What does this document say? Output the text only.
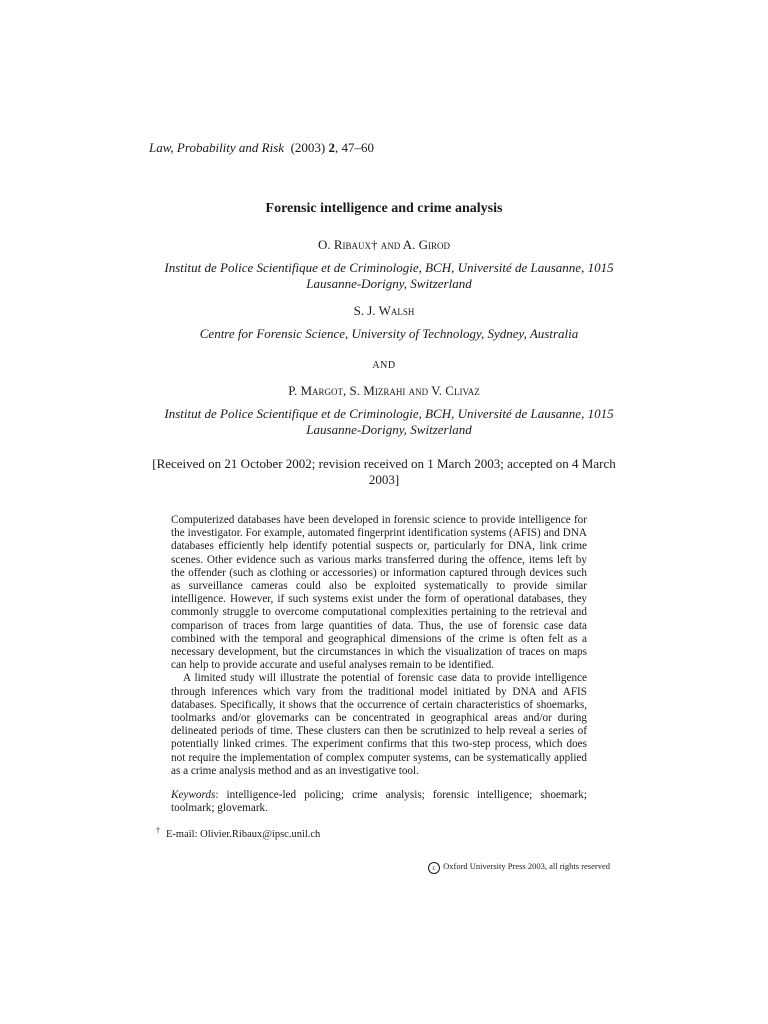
Law, Probability and Risk (2003) 2, 47–60
Forensic intelligence and crime analysis
O. Ribaux† and A. Girod
Institut de Police Scientifique et de Criminologie, BCH, Université de Lausanne, 1015
Lausanne-Dorigny, Switzerland
S. J. Walsh
Centre for Forensic Science, University of Technology, Sydney, Australia
AND
P. Margot, S. Mizrahi and V. Clivaz
Institut de Police Scientifique et de Criminologie, BCH, Université de Lausanne, 1015
Lausanne-Dorigny, Switzerland
[Received on 21 October 2002; revision received on 1 March 2003; accepted on 4 March 2003]

Computerized databases have been developed in forensic science to provide intelligence for the investigator. For example, automated fingerprint identification systems (AFIS) and DNA databases efficiently help identify potential suspects or, particularly for DNA, link crime scenes. Other evidence such as various marks transferred during the offence, items left by the offender (such as clothing or accessories) or information captured through devices such as surveillance cameras could also be exploited systematically to provide similar intelligence. However, if such systems exist under the form of operational databases, they commonly struggle to overcome computational complexities pertaining to the retrieval and comparison of traces from large quantities of data. Thus, the use of forensic case data combined with the temporal and geographical dimensions of the crime is often felt as a necessary development, but the circumstances in which the visualization of traces on maps can help to provide accurate and useful analyses remain to be identified.

A limited study will illustrate the potential of forensic case data to provide intelligence through inferences which vary from the traditional model initiated by DNA and AFIS databases. Specifically, it shows that the occurrence of certain characteristics of shoemarks, toolmarks and/or glovemarks can be concentrated in geographical areas and/or during delineated periods of time. These clusters can then be scrutinized to help reveal a series of potentially linked crimes. The experiment confirms that this two-step process, which does not require the implementation of complex computer systems, can be systematically applied as a crime analysis method and as an investigative tool.

Keywords: intelligence-led policing; crime analysis; forensic intelligence; shoemark; toolmark; glovemark.
† E-mail: Olivier.Ribaux@ipsc.unil.ch
c Oxford University Press 2003, all rights reserved
